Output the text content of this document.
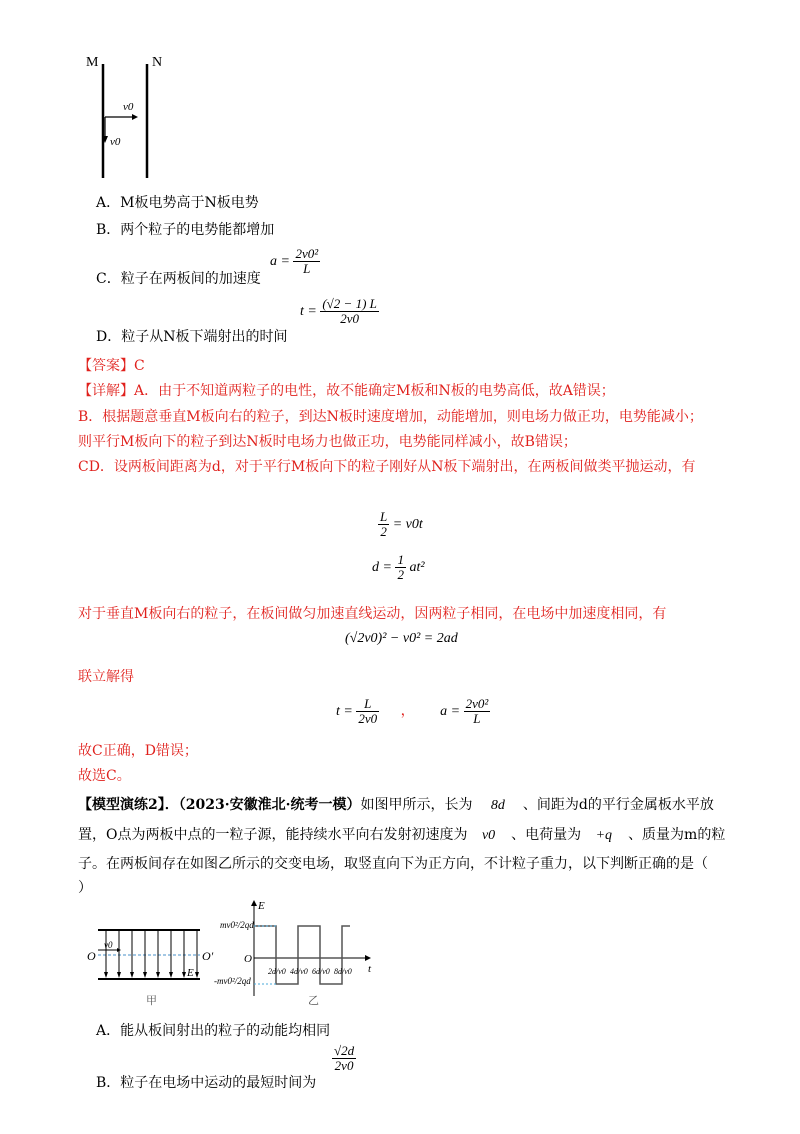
M	N
v0
v0
A．M板电势高于N板电势
B．两个粒子的电势能都增加
C．粒子在两板间的加速度
$a = \frac{\text{2v0²}}{L}$
D．粒子从N板下端射出的时间
$t = \frac{(√2 - 1) L}{2v0}$
【答案】C
【详解】A．由于不知道两粒子的电性，故不能确定M板和N板的电势高低，故A错误；
B．根据题意垂直M板向右的粒子，到达N板时速度增加，动能增加，则电场力做正功，电势能减小；
则平行M板向下的粒子到达N板时电场力也做正功，电势能同样减小，故B错误；
CD．设两板间距离为d，对于平行M板向下的粒子刚好从N板下端射出，在两板间做类平抛运动，有
$\frac{L}{2} = v0t$
$d = \frac{1}{2} at^2$
对于垂直M板向右的粒子，在板间做匀加速直线运动，因两粒子相同，在电场中加速度相同，有
(√2v0)² − v0² = 2ad
联立解得
$t = \frac{L}{2v0}$ ， $a = \frac{\text{2v0²}}{L}$
故C正确，D错误；
故选C。
【模型演练2】．（2023·安徽淮北·统考一模）如图甲所示，长为 8d 、间距为d的平行金属板水平放
置，O点为两板中点的一粒子源，能持续水平向右发射初速度为 v0 、电荷量为 +q 、质量为m的粒
子。在两板间存在如图乙所示的交变电场，取竖直向下为正方向，不计粒子重力，以下判断正确的是（
）
O	O'
v0
E
甲
E
t
O
mv0²/2qd
-mv0²/2qd
2d/v0 4d/v0 6d/v0 8d/v0
乙
A．能从板间射出的粒子的动能均相同
B．粒子在电场中运动的最短时间为
$\frac{√2d}{2v0}$
